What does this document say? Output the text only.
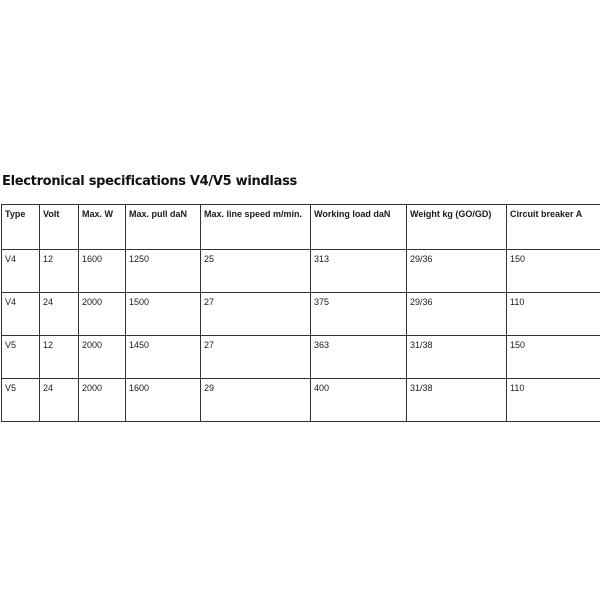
Electronical specifications V4/V5 windlass
Type	Volt	Max. W	Max. pull daN	Max. line speed m/min.	Working load daN	Weight kg (GO/GD)	Circuit breaker A
V4	12	1600	1250	25	313	29/36	150
V4	24	2000	1500	27	375	29/36	110
V5	12	2000	1450	27	363	31/38	150
V5	24	2000	1600	29	400	31/38	110
